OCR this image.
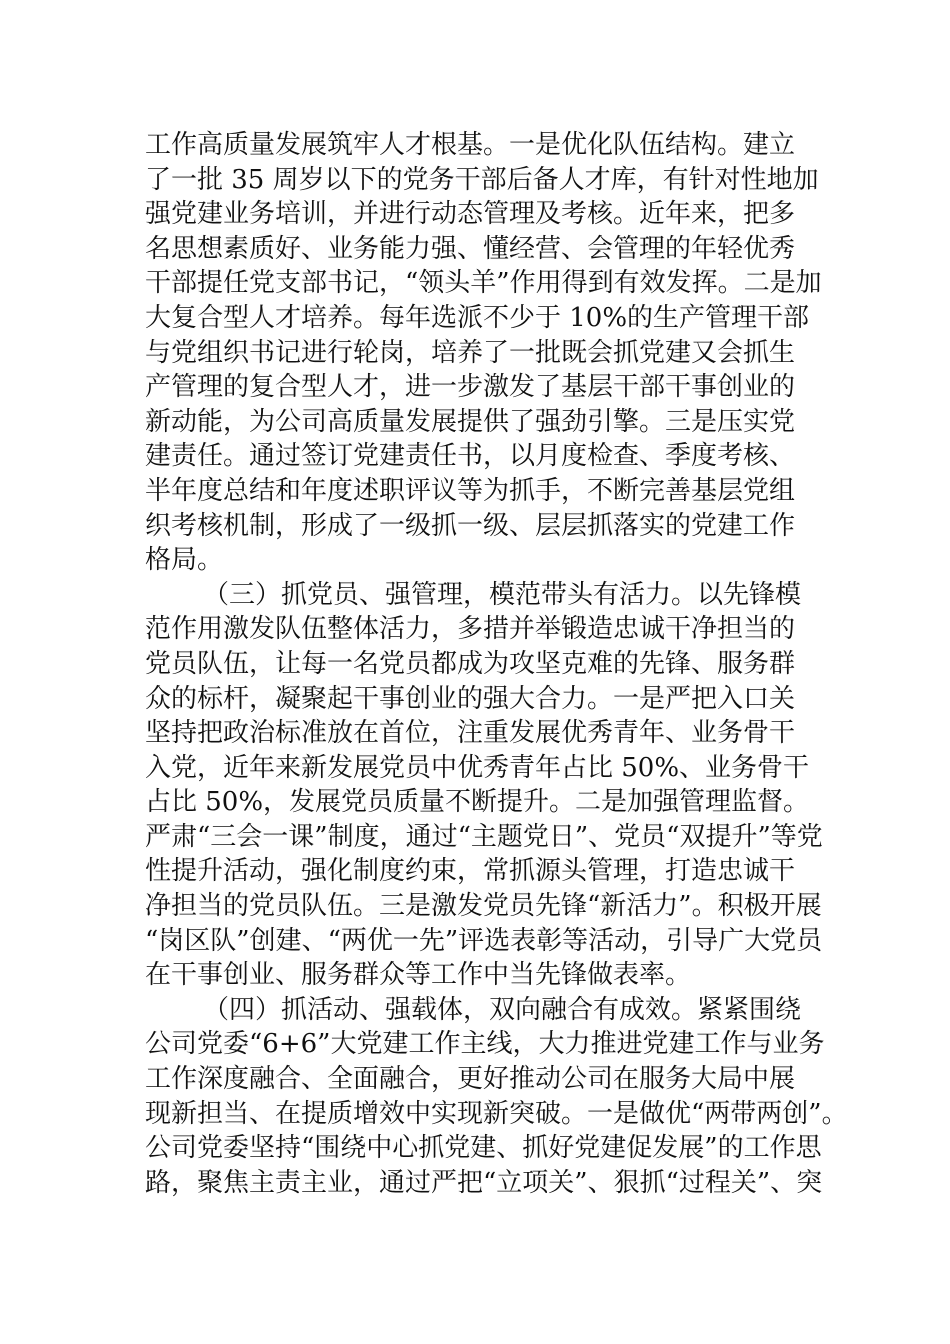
工作高质量发展筑牢人才根基。一是优化队伍结构。建立
了一批 35 周岁以下的党务干部后备人才库，有针对性地加
强党建业务培训，并进行动态管理及考核。近年来，把多
名思想素质好、业务能力强、懂经营、会管理的年轻优秀
干部提任党支部书记，“领头羊”作用得到有效发挥。二是加
大复合型人才培养。每年选派不少于 10%的生产管理干部
与党组织书记进行轮岗，培养了一批既会抓党建又会抓生
产管理的复合型人才，进一步激发了基层干部干事创业的
新动能，为公司高质量发展提供了强劲引擎。三是压实党
建责任。通过签订党建责任书，以月度检查、季度考核、
半年度总结和年度述职评议等为抓手，不断完善基层党组
织考核机制，形成了一级抓一级、层层抓落实的党建工作
格局。
（三）抓党员、强管理，模范带头有活力。以先锋模
范作用激发队伍整体活力，多措并举锻造忠诚干净担当的
党员队伍，让每一名党员都成为攻坚克难的先锋、服务群
众的标杆，凝聚起干事创业的强大合力。一是严把入口关
坚持把政治标准放在首位，注重发展优秀青年、业务骨干
入党，近年来新发展党员中优秀青年占比 50%、业务骨干
占比 50%，发展党员质量不断提升。二是加强管理监督。
严肃“三会一课”制度，通过“主题党日”、党员“双提升”等党
性提升活动，强化制度约束，常抓源头管理，打造忠诚干
净担当的党员队伍。三是激发党员先锋“新活力”。积极开展
“岗区队”创建、“两优一先”评选表彰等活动，引导广大党员
在干事创业、服务群众等工作中当先锋做表率。
（四）抓活动、强载体，双向融合有成效。紧紧围绕
公司党委“6+6”大党建工作主线，大力推进党建工作与业务
工作深度融合、全面融合，更好推动公司在服务大局中展
现新担当、在提质增效中实现新突破。一是做优“两带两创”。
公司党委坚持“围绕中心抓党建、抓好党建促发展”的工作思
路，聚焦主责主业，通过严把“立项关”、狠抓“过程关”、突
